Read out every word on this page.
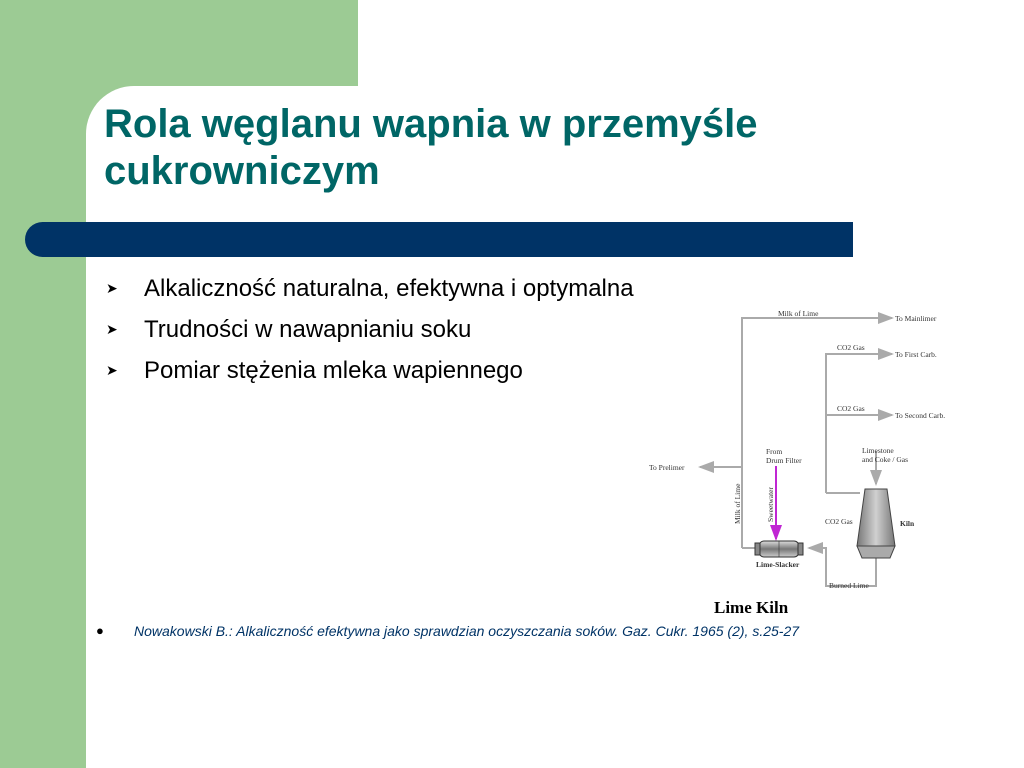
Rola węglanu wapnia w przemyśle cukrowniczym
➤	Alkaliczność naturalna, efektywna i optymalna
➤	Trudności w nawapnianiu soku
➤	Pomiar stężenia mleka wapiennego
Milk of Lime
To Mainlimer
CO2 Gas
To First Carb.
CO2 Gas
To Second Carb.
To Prelimer
From
Drum Filter
Limestone
and Coke / Gas
Milk of Lime	Sweetwater	CO2 Gas	Kiln
Lime-Slacker
Burned Lime
Lime Kiln
●	Nowakowski B.: Alkaliczność efektywna jako sprawdzian oczyszczania soków. Gaz. Cukr. 1965 (2), s.25-27
